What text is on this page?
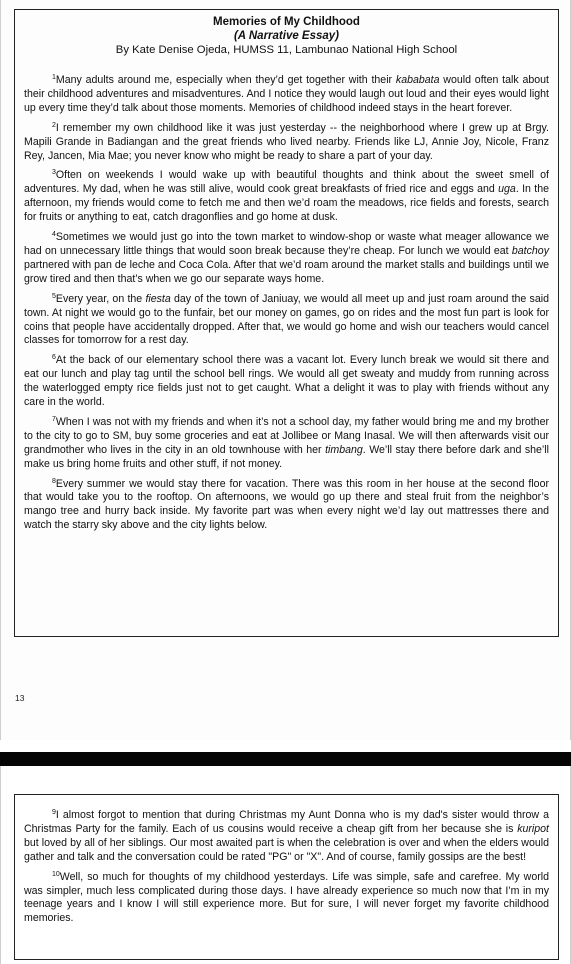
Memories of My Childhood
(A Narrative Essay)
By Kate Denise Ojeda, HUMSS 11, Lambunao National High School

$^1$Many adults around me, especially when they’d get together with their kababata would often talk about their childhood adventures and misadventures. And I notice they would laugh out loud and their eyes would light up every time they’d talk about those moments. Memories of childhood indeed stays in the heart forever.

$^2$I remember my own childhood like it was just yesterday -- the neighborhood where I grew up at Brgy. Mapili Grande in Badiangan and the great friends who lived nearby. Friends like LJ, Annie Joy, Nicole, Franz Rey, Jancen, Mia Mae; you never know who might be ready to share a part of your day.

$^3$Often on weekends I would wake up with beautiful thoughts and think about the sweet smell of adventures. My dad, when he was still alive, would cook great breakfasts of fried rice and eggs and uga. In the afternoon, my friends would come to fetch me and then we’d roam the meadows, rice fields and forests, search for fruits or anything to eat, catch dragonflies and go home at dusk.

$^4$Sometimes we would just go into the town market to window-shop or waste what meager allowance we had on unnecessary little things that would soon break because they’re cheap. For lunch we would eat batchoy partnered with pan de leche and Coca Cola. After that we’d roam around the market stalls and buildings until we grow tired and then that’s when we go our separate ways home.

$^5$Every year, on the fiesta day of the town of Janiuay, we would all meet up and just roam around the said town. At night we would go to the funfair, bet our money on games, go on rides and the most fun part is look for coins that people have accidentally dropped. After that, we would go home and wish our teachers would cancel classes for tomorrow for a rest day.

$^6$At the back of our elementary school there was a vacant lot. Every lunch break we would sit there and eat our lunch and play tag until the school bell rings. We would all get sweaty and muddy from running across the waterlogged empty rice fields just not to get caught. What a delight it was to play with friends without any care in the world.

$^7$When I was not with my friends and when it’s not a school day, my father would bring me and my brother to the city to go to SM, buy some groceries and eat at Jollibee or Mang Inasal. We will then afterwards visit our grandmother who lives in the city in an old townhouse with her timbang. We’ll stay there before dark and she’ll make us bring home fruits and other stuff, if not money.

$^8$Every summer we would stay there for vacation. There was this room in her house at the second floor that would take you to the rooftop. On afternoons, we would go up there and steal fruit from the neighbor’s mango tree and hurry back inside. My favorite part was when every night we’d lay out mattresses there and watch the starry sky above and the city lights below.

13

$^9$I almost forgot to mention that during Christmas my Aunt Donna who is my dad's sister would throw a Christmas Party for the family. Each of us cousins would receive a cheap gift from her because she is kuripot but loved by all of her siblings. Our most awaited part is when the celebration is over and when the elders would gather and talk and the conversation could be rated "PG" or "X". And of course, family gossips are the best!

$^{10}$Well, so much for thoughts of my childhood yesterdays. Life was simple, safe and carefree. My world was simpler, much less complicated during those days. I have already experience so much now that I’m in my teenage years and I know I will still experience more. But for sure, I will never forget my favorite childhood memories.
